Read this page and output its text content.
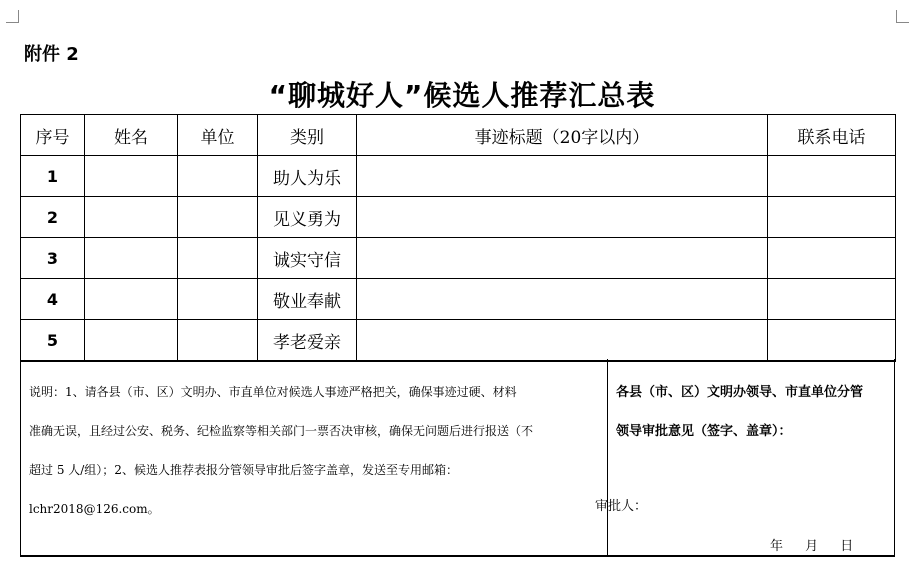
附件 2
“聊城好人”候选人推荐汇总表
序号	姓名	单位	类别	事迹标题（20字以内）	联系电话
1			助人为乐		
2			见义勇为		
3			诚实守信		
4			敬业奉献		
5			孝老爱亲		
说明：1、请各县（市、区）文明办、市直单位对候选人事迹严格把关，确保事迹过硬、材料
准确无误，且经过公安、税务、纪检监察等相关部门一票否决审核，确保无问题后进行报送（不
超过 5 人/组）；2、候选人推荐表报分管领导审批后签字盖章，发送至专用邮箱：
lchr2018@126.com。
各县（市、区）文明办领导、市直单位分管
领导审批意见（签字、盖章）：
审批人：
年 月 日
